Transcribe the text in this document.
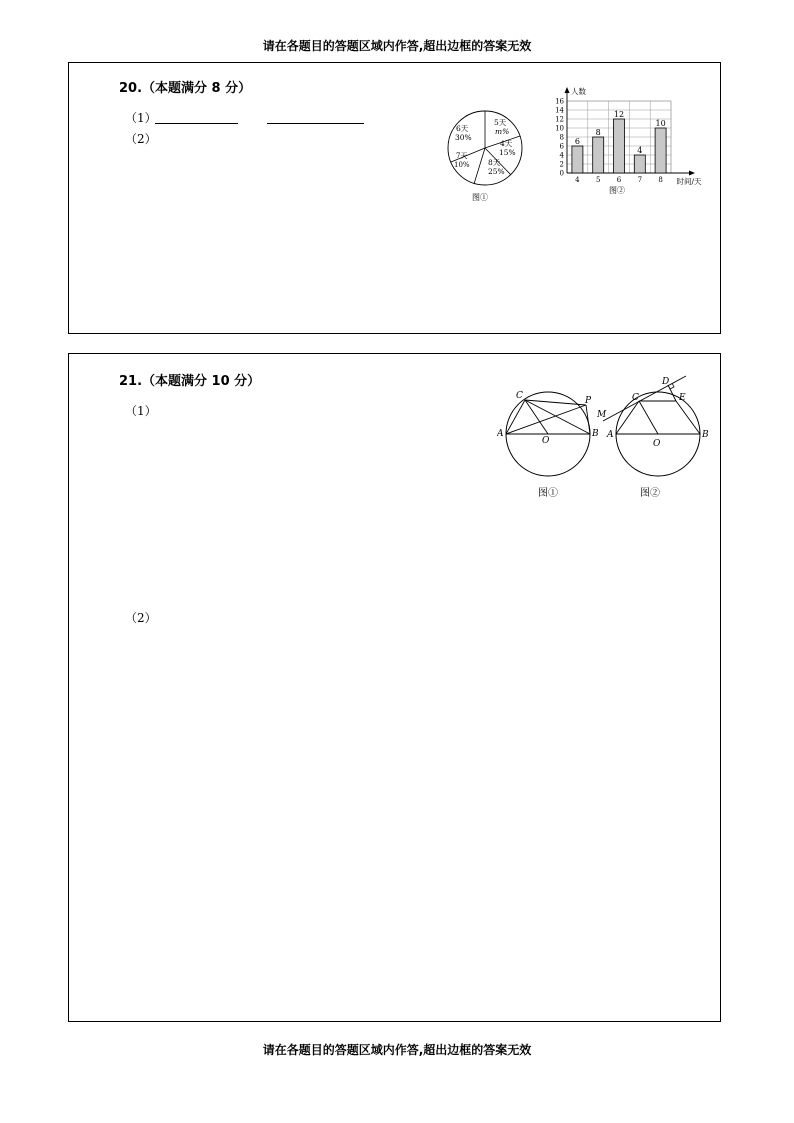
请在各题目的答题区域内作答,超出边框的答案无效
20.（本题满分 8 分）
（1）
（2）
5天
m%
4天
15%
8天
25%
7天
10%
6天
30%
图①
0
2
4
6
8
10
12
14
16
6
4
8
5
12
6
4
7
10
8
人数
时间/天
图②
21.（本题满分 10 分）
（1）
（2）
C	P
A
O
B
图①
D
C	E
M
A
O
B
图②
请在各题目的答题区域内作答,超出边框的答案无效
